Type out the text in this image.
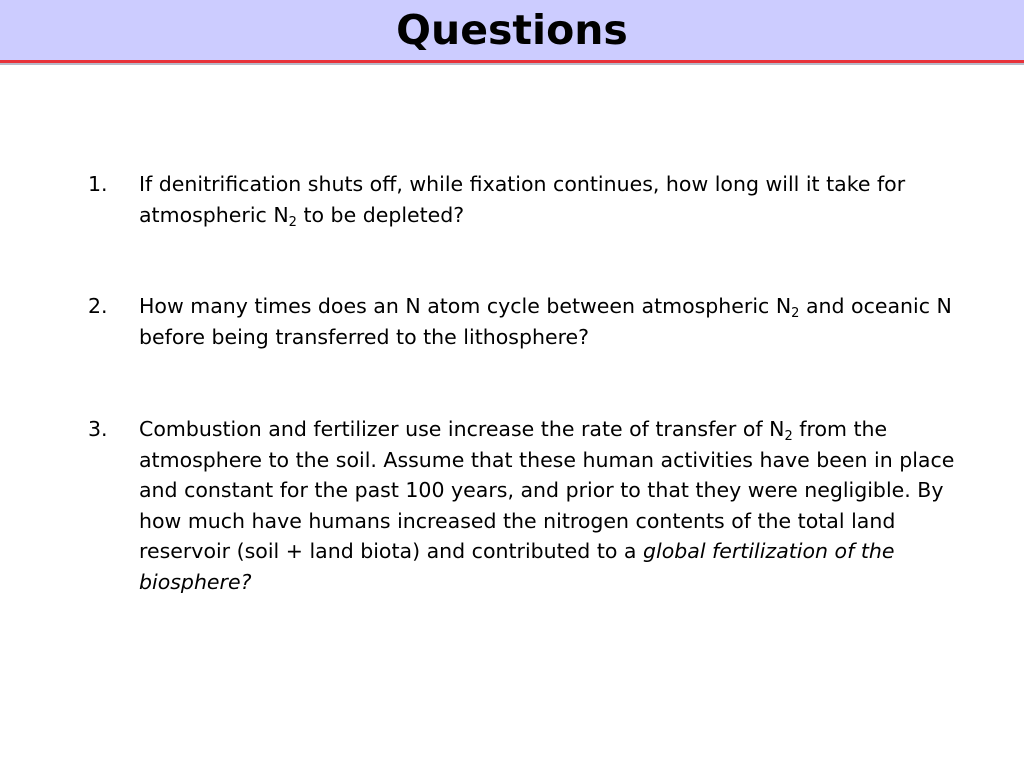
Questions
1. If denitrification shuts off, while fixation continues, how long will it take for atmospheric $N_2$ to be depleted?
2. How many times does an N atom cycle between atmospheric $N_2$ and oceanic N before being transferred to the lithosphere?
3. Combustion and fertilizer use increase the rate of transfer of $N_2$ from the atmosphere to the soil. Assume that these human activities have been in place and constant for the past 100 years, and prior to that they were negligible. By how much have humans increased the nitrogen contents of the total land reservoir (soil + land biota) and contributed to a global fertilization of the biosphere?
